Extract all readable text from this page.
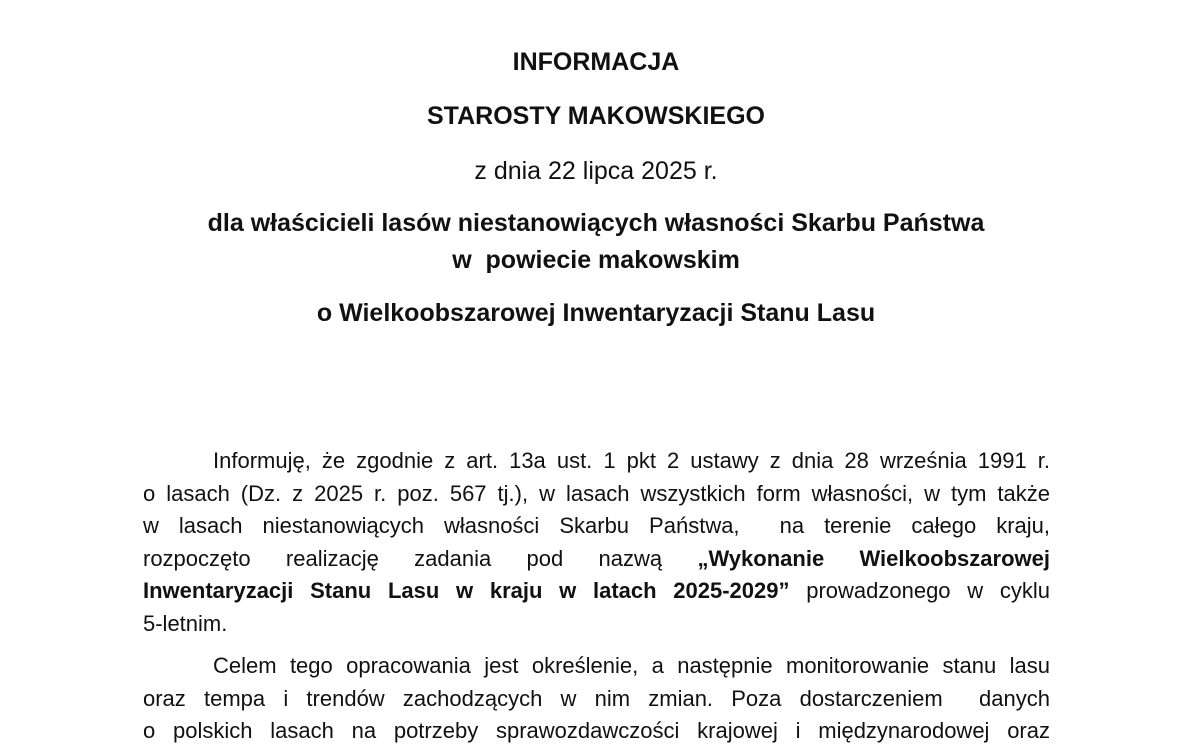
INFORMACJA
STAROSTY MAKOWSKIEGO
z dnia 22 lipca 2025 r.
dla właścicieli lasów niestanowiących własności Skarbu Państwa
w  powiecie makowskim
o Wielkoobszarowej Inwentaryzacji Stanu Lasu
Informuję, że zgodnie z art. 13a ust. 1 pkt 2 ustawy z dnia 28 września 1991 r.
o lasach (Dz. z 2025 r. poz. 567 tj.), w lasach wszystkich form własności, w tym także
w lasach niestanowiących własności Skarbu Państwa,  na terenie całego kraju,
rozpoczęto realizację zadania pod nazwą „Wykonanie Wielkoobszarowej
Inwentaryzacji Stanu Lasu w kraju w latach 2025-2029” prowadzonego w cyklu
5-letnim.
Celem tego opracowania jest określenie, a następnie monitorowanie stanu lasu
oraz tempa i trendów zachodzących w nim zmian. Poza dostarczeniem  danych
o polskich lasach na potrzeby sprawozdawczości krajowej i międzynarodowej oraz
